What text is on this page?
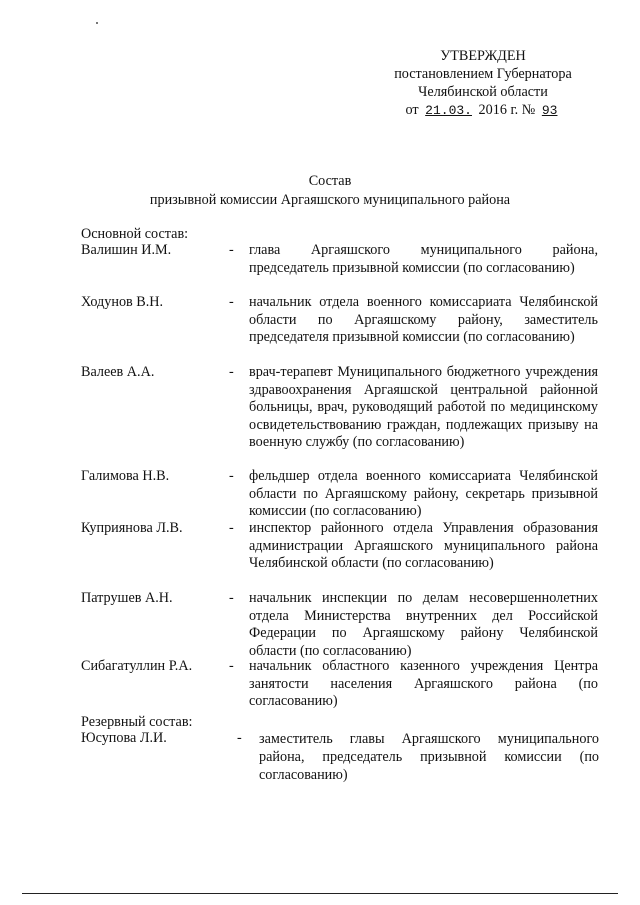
УТВЕРЖДЕН
постановлением Губернатора
Челябинской области
от 21.03. 2016 г. № 93
Состав
призывной комиссии Аргаяшского муниципального района
Основной состав:
Валишин И.М.	- глава Аргаяшского муниципального района, председатель призывной комиссии (по согласованию)
Ходунов В.Н.	- начальник отдела военного комиссариата Челябинской области по Аргаяшскому району, заместитель председателя призывной комиссии (по согласованию)
Валеев А.А.	- врач-терапевт Муниципального бюджетного учреждения здравоохранения Аргаяшской центральной районной больницы, врач, руководящий работой по медицинскому освидетельствованию граждан, подлежащих призыву на военную службу (по согласованию)
Галимова Н.В.	- фельдшер отдела военного комиссариата Челябинской области по Аргаяшскому району, секретарь призывной комиссии (по согласованию)
Куприянова Л.В.	- инспектор районного отдела Управления образования администрации Аргаяшского муниципального района Челябинской области (по согласованию)
Патрушев А.Н.	- начальник инспекции по делам несовершеннолетних отдела Министерства внутренних дел Российской Федерации по Аргаяшскому району Челябинской области (по согласованию)
Сибагатуллин Р.А.	- начальник областного казенного учреждения Центра занятости населения Аргаяшского района (по согласованию)
Резервный состав:
Юсупова Л.И.	- заместитель главы Аргаяшского муниципального района, председатель призывной комиссии (по согласованию)
